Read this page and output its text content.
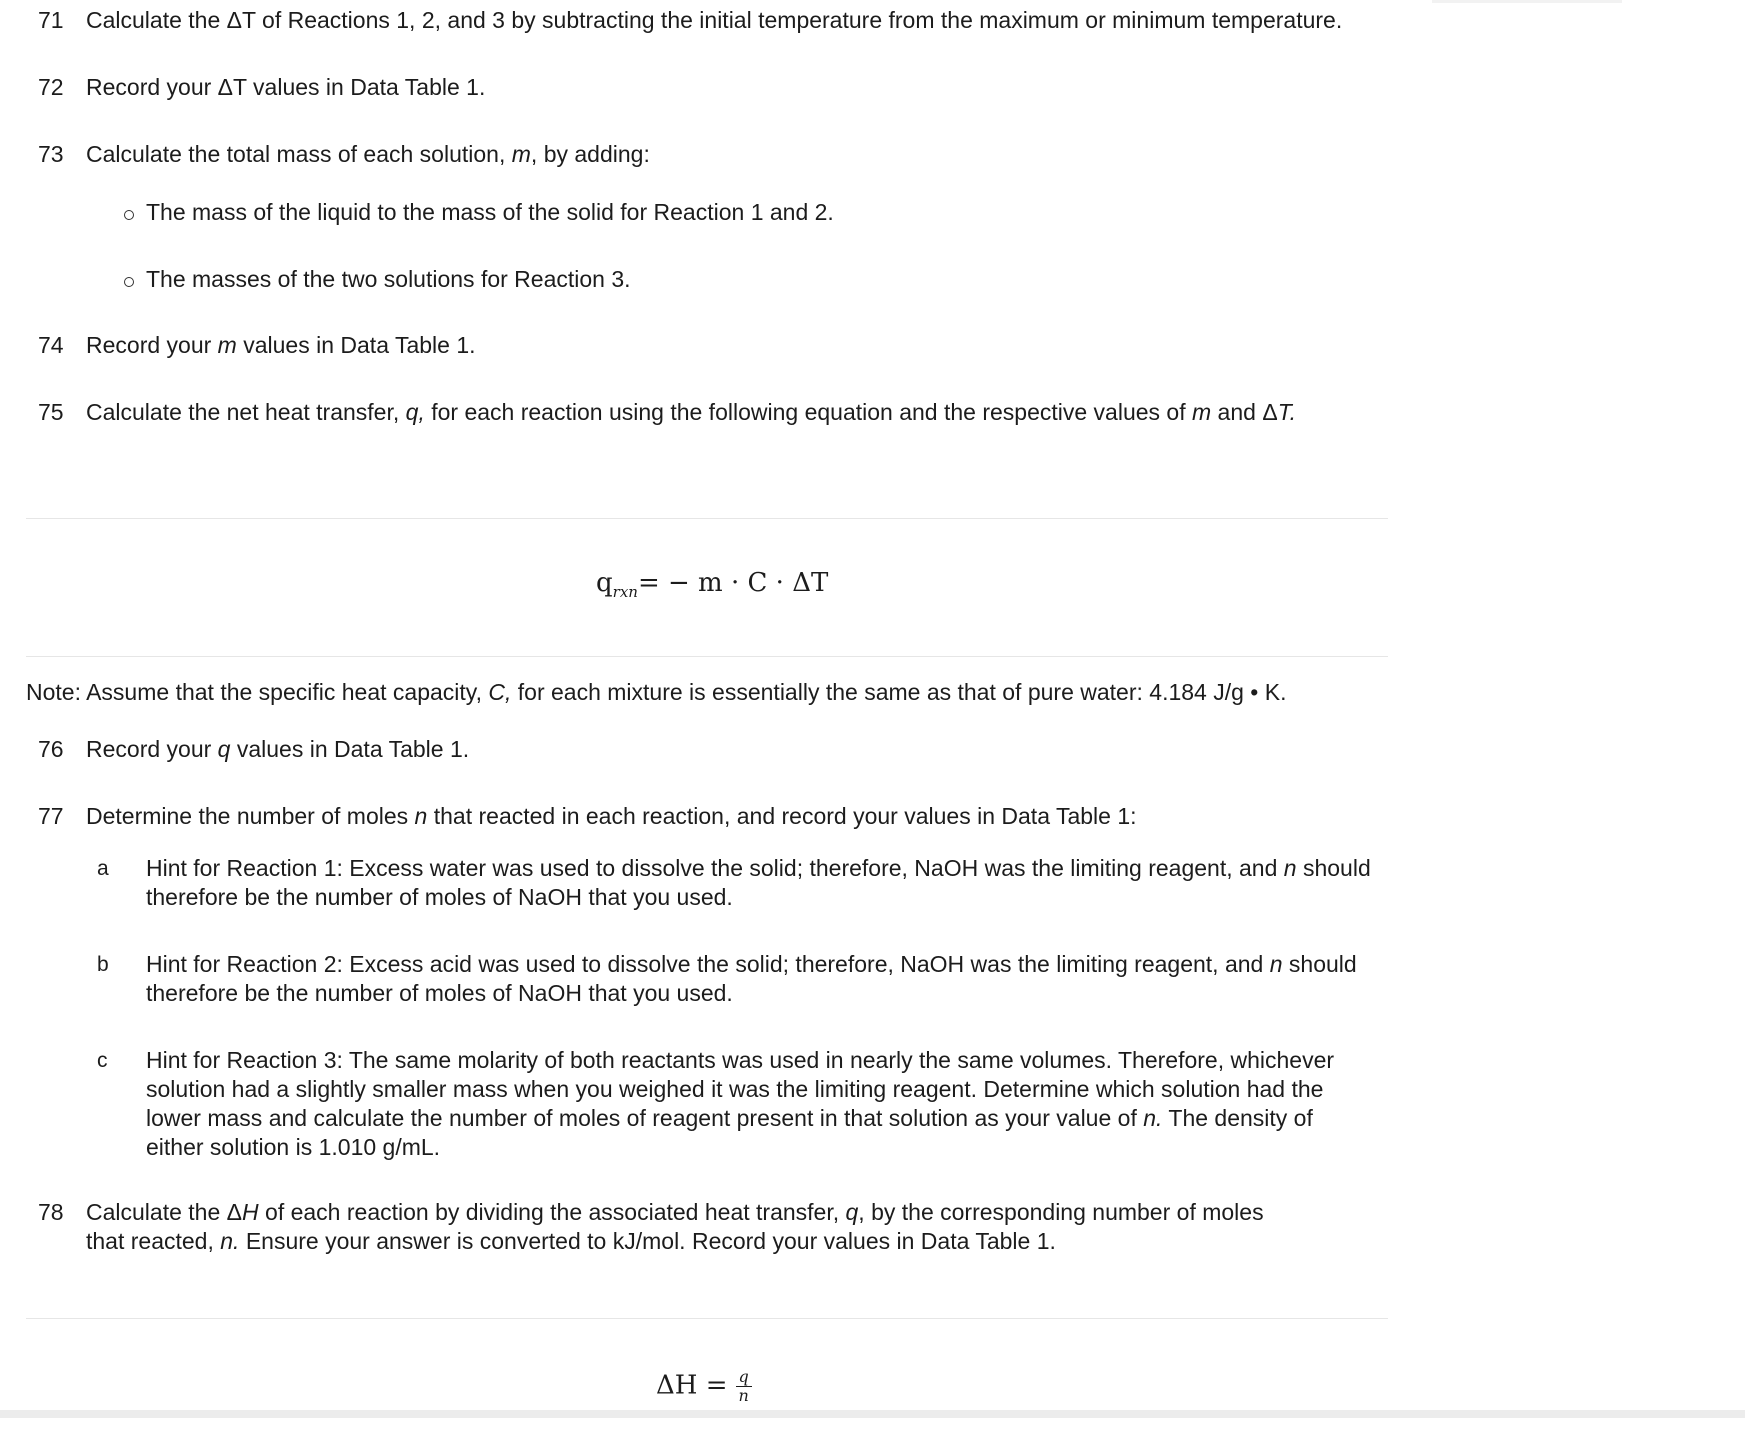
71 Calculate the ΔT of Reactions 1, 2, and 3 by subtracting the initial temperature from the maximum or minimum temperature.
72 Record your ΔT values in Data Table 1.
73 Calculate the total mass of each solution, m, by adding:
The mass of the liquid to the mass of the solid for Reaction 1 and 2.
The masses of the two solutions for Reaction 3.
74 Record your m values in Data Table 1.
75 Calculate the net heat transfer, q, for each reaction using the following equation and the respective values of m and ΔT.
$q_{rxn}= - m \cdot C \cdot \Delta T$
Note: Assume that the specific heat capacity, C, for each mixture is essentially the same as that of pure water: 4.184 J/g • K.
76 Record your q values in Data Table 1.
77 Determine the number of moles n that reacted in each reaction, and record your values in Data Table 1:
a Hint for Reaction 1: Excess water was used to dissolve the solid; therefore, NaOH was the limiting reagent, and n should
therefore be the number of moles of NaOH that you used.
b Hint for Reaction 2: Excess acid was used to dissolve the solid; therefore, NaOH was the limiting reagent, and n should
therefore be the number of moles of NaOH that you used.
c Hint for Reaction 3: The same molarity of both reactants was used in nearly the same volumes. Therefore, whichever
solution had a slightly smaller mass when you weighed it was the limiting reagent. Determine which solution had the
lower mass and calculate the number of moles of reagent present in that solution as your value of n. The density of
either solution is 1.010 g/mL.
78 Calculate the ΔH of each reaction by dividing the associated heat transfer, q, by the corresponding number of moles
that reacted, n. Ensure your answer is converted to kJ/mol. Record your values in Data Table 1.
$\Delta H = \frac{q}{n}$
